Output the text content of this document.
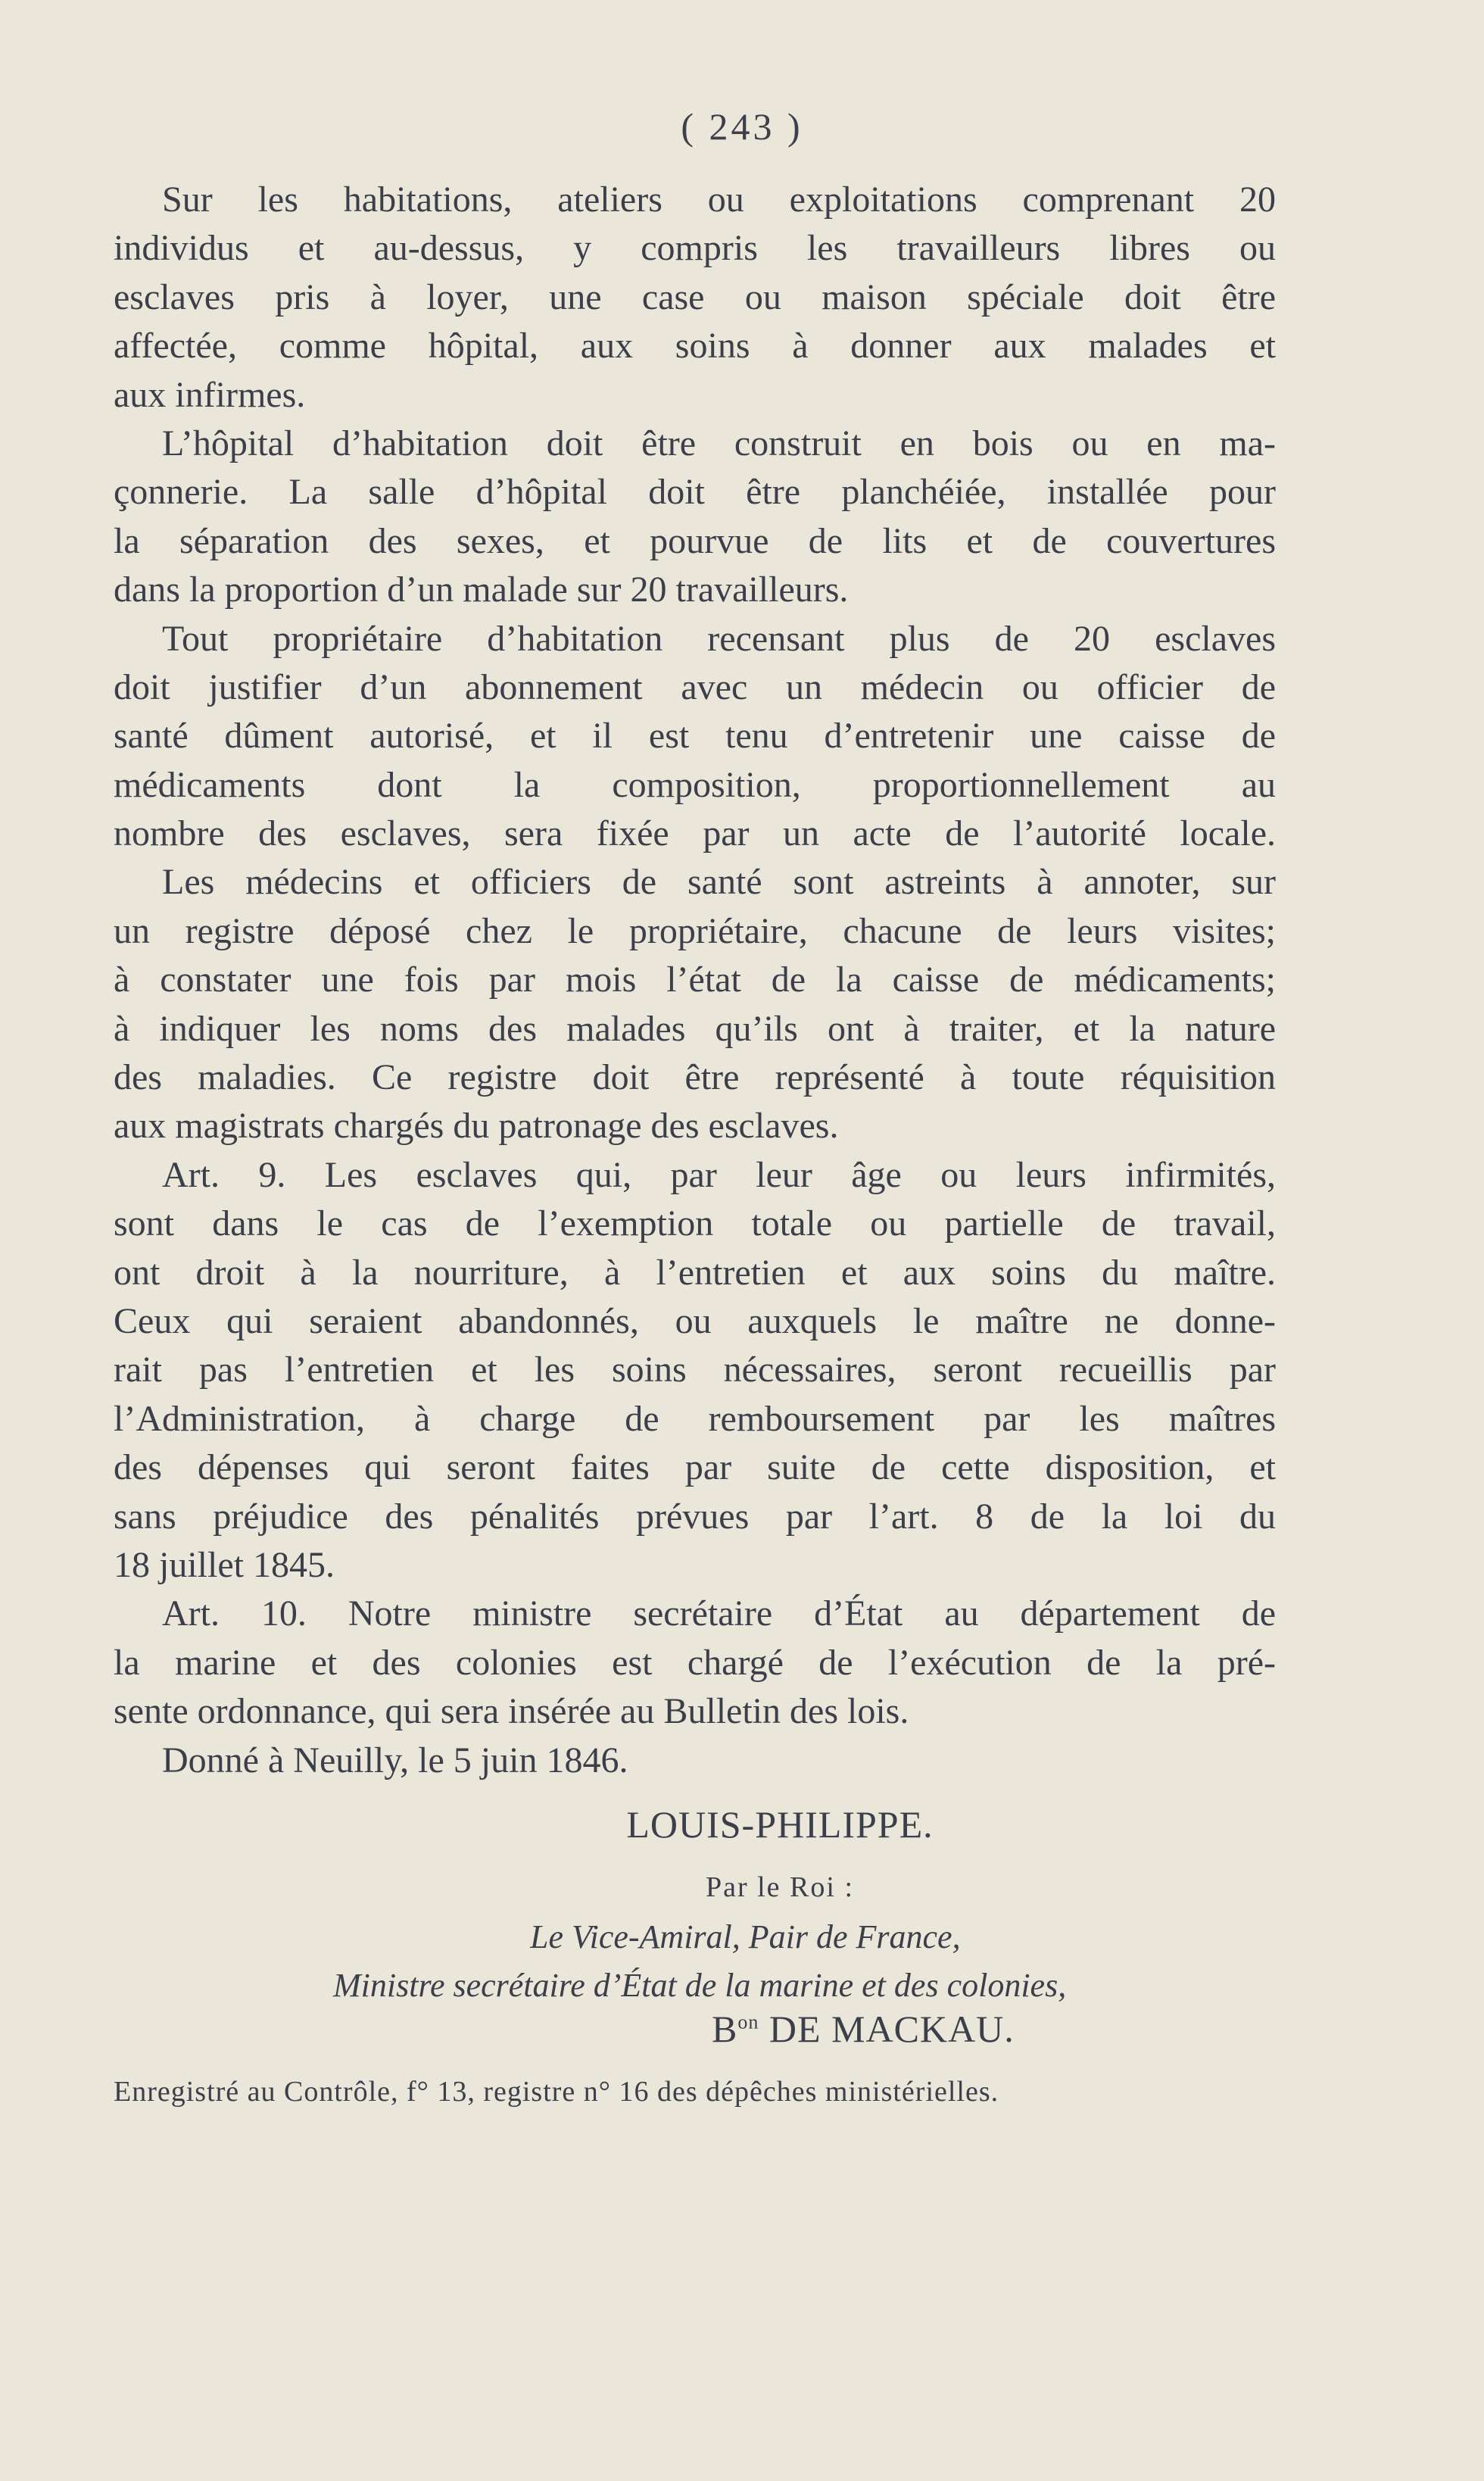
( 243 )
Sur les habitations, ateliers ou exploitations comprenant 20
individus et au-dessus, y compris les travailleurs libres ou
esclaves pris à loyer, une case ou maison spéciale doit être
affectée, comme hôpital, aux soins à donner aux malades et
aux infirmes.
L’hôpital d’habitation doit être construit en bois ou en ma-
çonnerie. La salle d’hôpital doit être planchéiée, installée pour
la séparation des sexes, et pourvue de lits et de couvertures
dans la proportion d’un malade sur 20 travailleurs.
Tout propriétaire d’habitation recensant plus de 20 esclaves
doit justifier d’un abonnement avec un médecin ou officier de
santé dûment autorisé, et il est tenu d’entretenir une caisse de
médicaments dont la composition, proportionnellement au
nombre des esclaves, sera fixée par un acte de l’autorité locale.
Les médecins et officiers de santé sont astreints à annoter, sur
un registre déposé chez le propriétaire, chacune de leurs visites;
à constater une fois par mois l’état de la caisse de médicaments;
à indiquer les noms des malades qu’ils ont à traiter, et la nature
des maladies. Ce registre doit être représenté à toute réquisition
aux magistrats chargés du patronage des esclaves.
Art. 9. Les esclaves qui, par leur âge ou leurs infirmités,
sont dans le cas de l’exemption totale ou partielle de travail,
ont droit à la nourriture, à l’entretien et aux soins du maître.
Ceux qui seraient abandonnés, ou auxquels le maître ne donne-
rait pas l’entretien et les soins nécessaires, seront recueillis par
l’Administration, à charge de remboursement par les maîtres
des dépenses qui seront faites par suite de cette disposition, et
sans préjudice des pénalités prévues par l’art. 8 de la loi du
18 juillet 1845.
Art. 10. Notre ministre secrétaire d’État au département de
la marine et des colonies est chargé de l’exécution de la pré-
sente ordonnance, qui sera insérée au Bulletin des lois.
Donné à Neuilly, le 5 juin 1846.
LOUIS-PHILIPPE.
Par le Roi :
Le Vice-Amiral, Pair de France,
Ministre secrétaire d’État de la marine et des colonies,
$B^{on}$ DE MACKAU.
Enregistré au Contrôle, f° 13, registre n° 16 des dépêches ministérielles.
